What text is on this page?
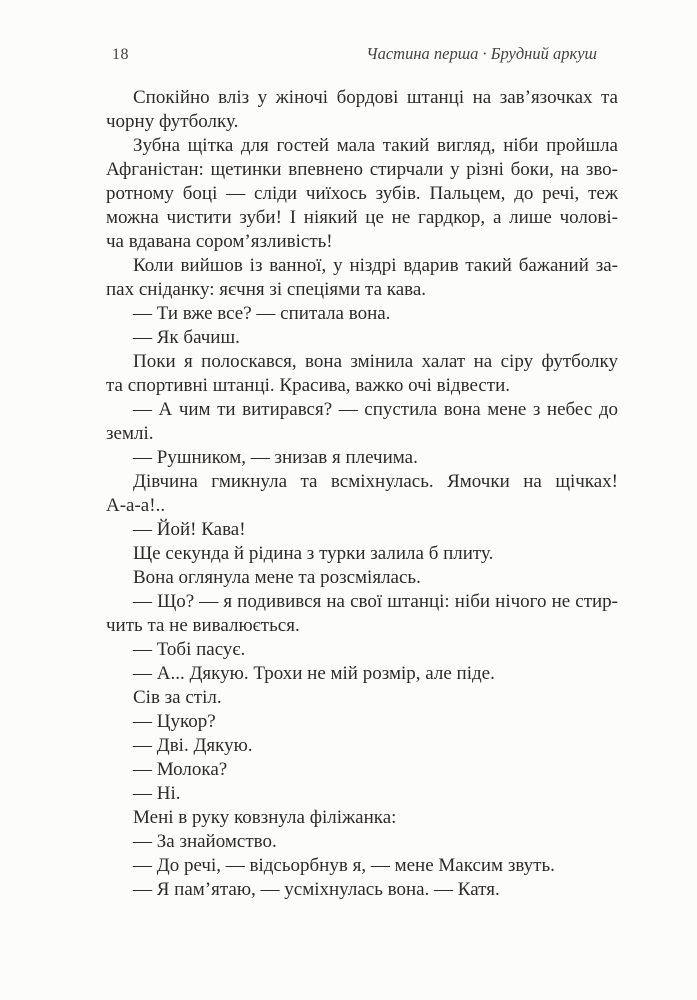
18	Частина перша · Брудний аркуш
Спокійно вліз у жіночі бордові штанці на зав’язочках та
чорну футболку.
Зубна щітка для гостей мала такий вигляд, ніби пройшла
Афганістан: щетинки впевнено стирчали у різні боки, на зво-
ротному боці — сліди чиїхось зубів. Пальцем, до речі, теж
можна чистити зуби! І ніякий це не гардкор, а лише чолові-
ча вдавана сором’язливість!
Коли вийшов із ванної, у ніздрі вдарив такий бажаний за-
пах сніданку: яєчня зі спеціями та кава.
— Ти вже все? — спитала вона.
— Як бачиш.
Поки я полоскався, вона змінила халат на сіру футболку
та спортивні штанці. Красива, важко очі відвести.
— А чим ти витирався? — спустила вона мене з небес до
землі.
— Рушником, — знизав я плечима.
Дівчина гмикнула та всміхнулась. Ямочки на щічках!
А-а-а!..
— Йой! Кава!
Ще секунда й рідина з турки залила б плиту.
Вона оглянула мене та розсміялась.
— Що? — я подивився на свої штанці: ніби нічого не стир-
чить та не вивалюється.
— Тобі пасує.
— А... Дякую. Трохи не мій розмір, але піде.
Сів за стіл.
— Цукор?
— Дві. Дякую.
— Молока?
— Ні.
Мені в руку ковзнула філіжанка:
— За знайомство.
— До речі, — відсьорбнув я, — мене Максим звуть.
— Я пам’ятаю, — усміхнулась вона. — Катя.
